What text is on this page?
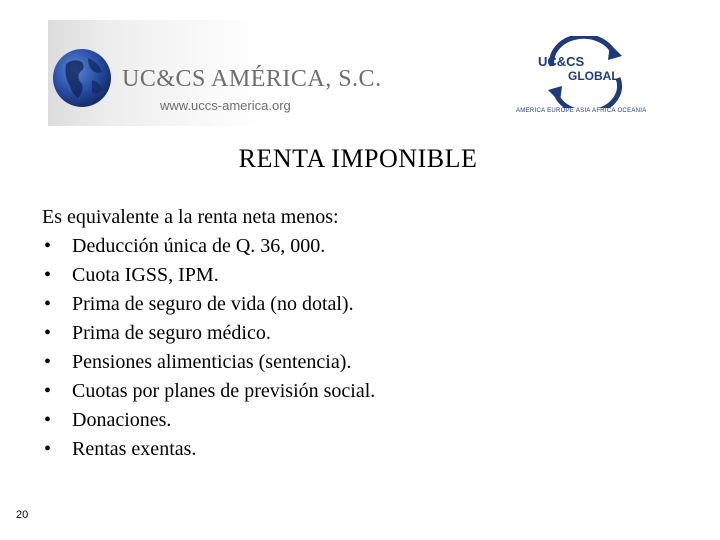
UC&CS AMÉRICA, S.C.
www.uccs-america.org
UC&CS
GLOBAL
AMERICA EUROPE ASIA AFRICA OCEANIA
RENTA IMPONIBLE

Es equivalente a la renta neta menos:

• Deducción única de Q. 36, 000.
• Cuota IGSS, IPM.
• Prima de seguro de vida (no dotal).
• Prima de seguro médico.
• Pensiones alimenticias (sentencia).
• Cuotas por planes de previsión social.
• Donaciones.
• Rentas exentas.
20
